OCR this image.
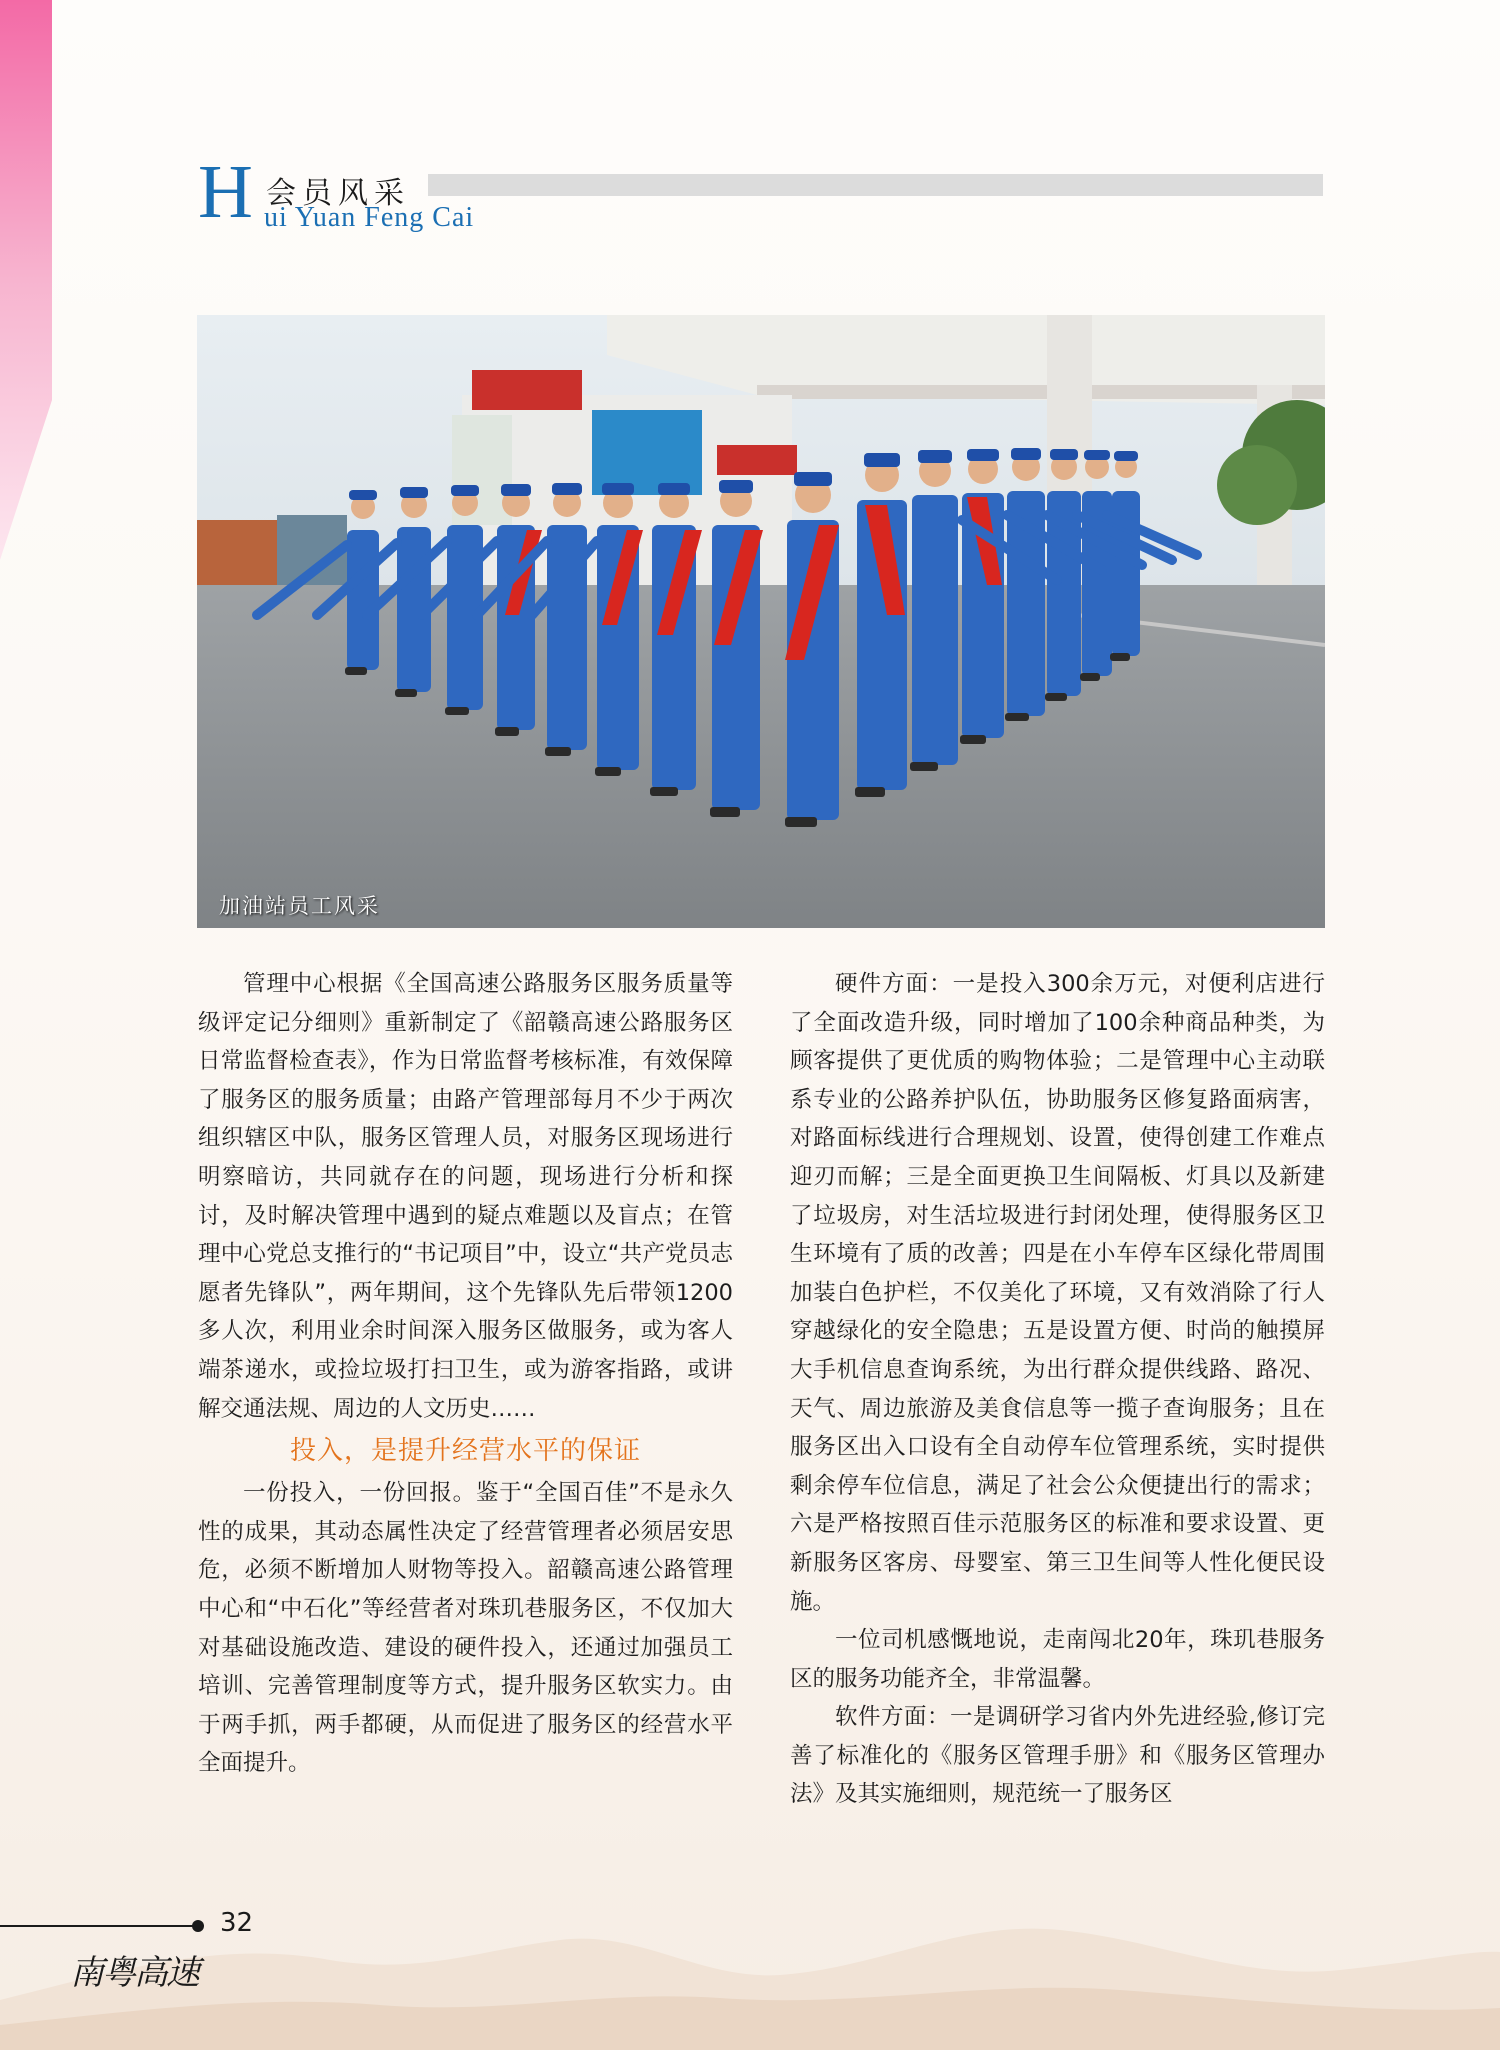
H 会员风采
ui Yuan Feng Cai
加油站员工风采

管理中心根据《全国高速公路服务区服务质量等级评定记分细则》重新制定了《韶赣高速公路服务区日常监督检查表》，作为日常监督考核标准，有效保障了服务区的服务质量；由路产管理部每月不少于两次组织辖区中队，服务区管理人员，对服务区现场进行明察暗访，共同就存在的问题，现场进行分析和探讨，及时解决管理中遇到的疑点难题以及盲点；在管理中心党总支推行的“书记项目”中，设立“共产党员志愿者先锋队”，两年期间，这个先锋队先后带领1200多人次，利用业余时间深入服务区做服务，或为客人端茶递水，或捡垃圾打扫卫生，或为游客指路，或讲解交通法规、周边的人文历史……

投入，是提升经营水平的保证

一份投入，一份回报。鉴于“全国百佳”不是永久性的成果，其动态属性决定了经营管理者必须居安思危，必须不断增加人财物等投入。韶赣高速公路管理中心和“中石化”等经营者对珠玑巷服务区，不仅加大对基础设施改造、建设的硬件投入，还通过加强员工培训、完善管理制度等方式，提升服务区软实力。由于两手抓，两手都硬，从而促进了服务区的经营水平全面提升。

硬件方面：一是投入300余万元，对便利店进行了全面改造升级，同时增加了100余种商品种类，为顾客提供了更优质的购物体验；二是管理中心主动联系专业的公路养护队伍，协助服务区修复路面病害，对路面标线进行合理规划、设置，使得创建工作难点迎刃而解；三是全面更换卫生间隔板、灯具以及新建了垃圾房，对生活垃圾进行封闭处理，使得服务区卫生环境有了质的改善；四是在小车停车区绿化带周围加装白色护栏，不仅美化了环境，又有效消除了行人穿越绿化的安全隐患；五是设置方便、时尚的触摸屏大手机信息查询系统，为出行群众提供线路、路况、天气、周边旅游及美食信息等一揽子查询服务；且在服务区出入口设有全自动停车位管理系统，实时提供剩余停车位信息，满足了社会公众便捷出行的需求；六是严格按照百佳示范服务区的标准和要求设置、更新服务区客房、母婴室、第三卫生间等人性化便民设施。

一位司机感慨地说，走南闯北20年，珠玑巷服务区的服务功能齐全，非常温馨。

软件方面：一是调研学习省内外先进经验,修订完善了标准化的《服务区管理手册》和《服务区管理办法》及其实施细则，规范统一了服务区

32
南粤高速
